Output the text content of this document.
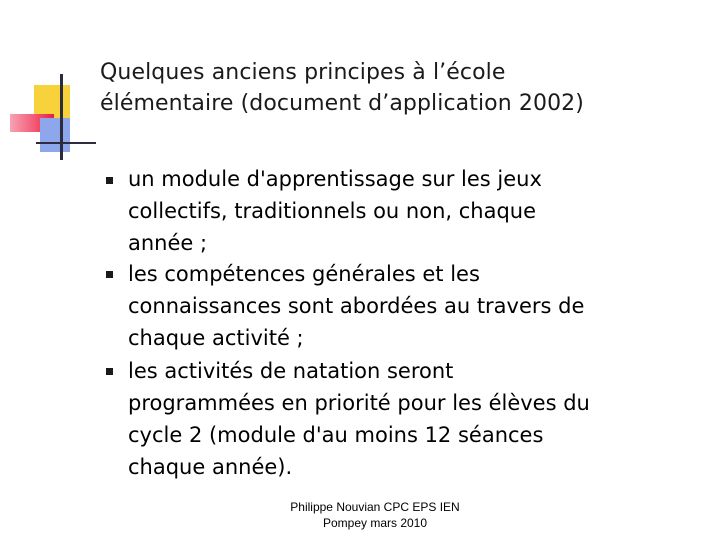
Quelques anciens principes à l’école
élémentaire (document d’application 2002)
un module d'apprentissage sur les jeux
collectifs, traditionnels ou non, chaque
année ;
les compétences générales et les
connaissances sont abordées au travers de
chaque activité ;
les activités de natation seront
programmées en priorité pour les élèves du
cycle 2 (module d'au moins 12 séances
chaque année).
Philippe Nouvian CPC EPS IEN
Pompey mars 2010
